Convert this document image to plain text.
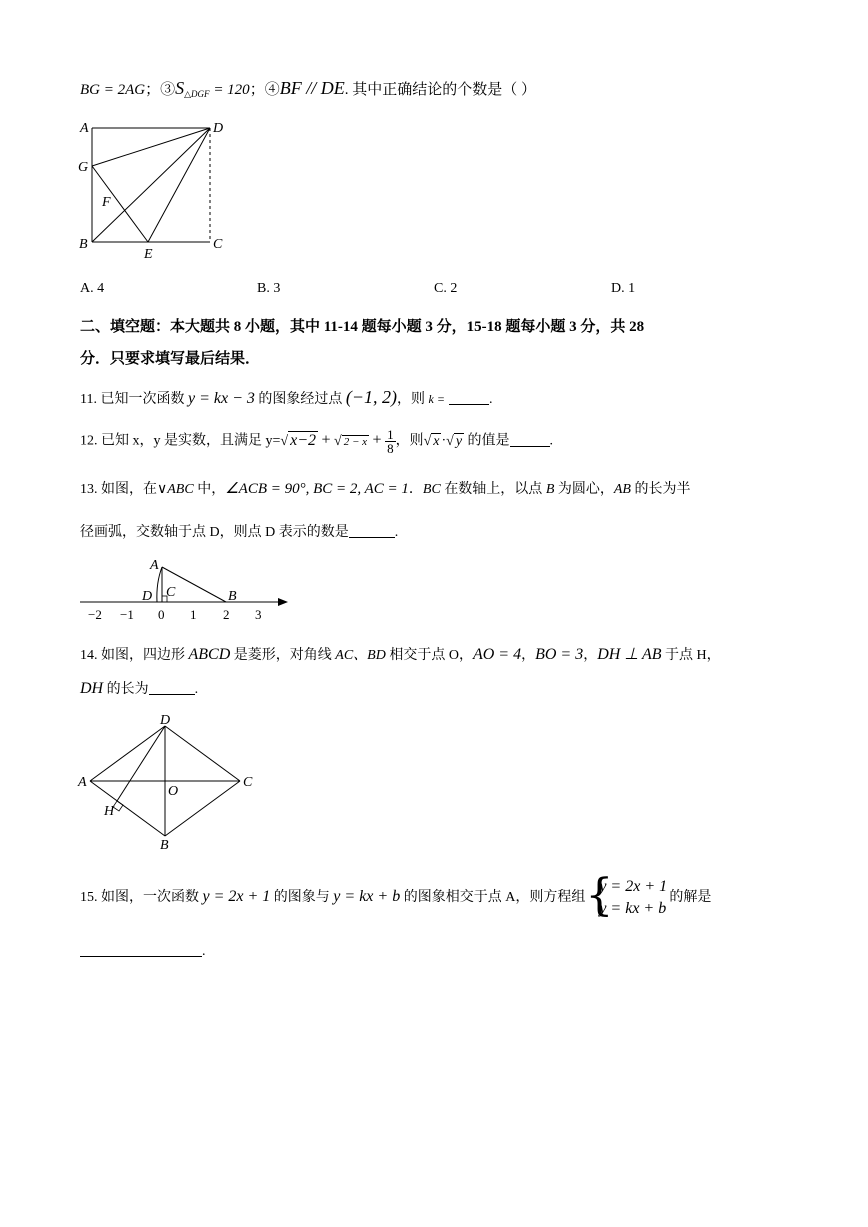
BG = 2AG；$③S_{\triangle DGF} = 120$；④BF // DE. 其中正确结论的个数是（ ）
A	D
G
F
B
E
C
A. 4	B. 3	C. 2	D. 1
二、填空题：本大题共 8 小题，其中 11-14 题每小题 3 分，15-18 题每小题 3 分，共 28
分．只要求填写最后结果．
11. 已知一次函数 y = kx − 3 的图象经过点 (−1, 2)，则 k =	.
12. 已知 x，y 是实数，且满足 y=√ x−2 + √ $2 - x + \frac{1}{8}$ ，则√ x ·√ y 的值是	.
13. 如图，在∨ABC 中，∠ACB = 90°, BC = 2, AC = 1．BC 在数轴上，以点 B 为圆心，AB 的长为半
径画弧，交数轴于点 D，则点 D 表示的数是	.
A
D C	B
−2 −1 0 1 2 3
14. 如图，四边形 ABCD 是菱形，对角线 AC、BD 相交于点 O，AO = 4，BO = 3，DH ⊥ AB 于点 H，
DH 的长为	.
D
A
O
C
H
B
15. 如图，一次函数 y = 2x + 1 的图象与 y = kx + b 的图象相交于点 A，则方程组 {
y = 2x + 1
y = kx + b
的解是
.
